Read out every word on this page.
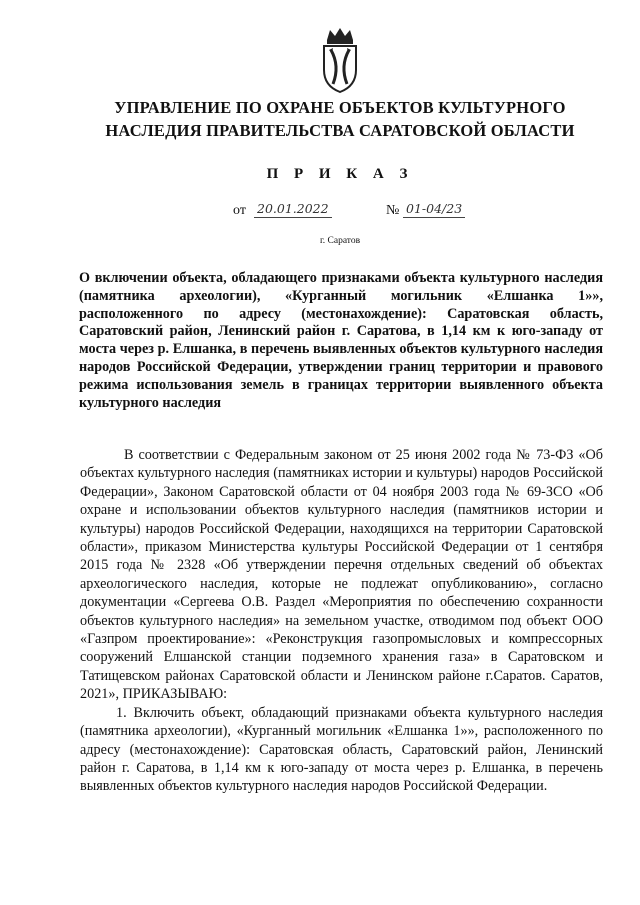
УПРАВЛЕНИЕ ПО ОХРАНЕ ОБЪЕКТОВ КУЛЬТУРНОГО
НАСЛЕДИЯ ПРАВИТЕЛЬСТВА САРАТОВСКОЙ ОБЛАСТИ
П Р И К А З
от 20.01.2022	№ 01-04/23
г. Саратов
О включении объекта, обладающего признаками объекта культурного наследия (памятника археологии), «Курганный могильник «Елшанка 1»», расположенного по адресу (местонахождение): Саратовская область, Саратовский район, Ленинский район г. Саратова, в 1,14 км к юго-западу от моста через р. Елшанка, в перечень выявленных объектов культурного наследия народов Российской Федерации, утверждении границ территории и правового режима использования земель в границах территории выявленного объекта культурного наследия

В соответствии с Федеральным законом от 25 июня 2002 года № 73-ФЗ «Об объектах культурного наследия (памятниках истории и культуры) народов Российской Федерации», Законом Саратовской области от 04 ноября 2003 года № 69-ЗСО «Об охране и использовании объектов культурного наследия (памятников истории и культуры) народов Российской Федерации, находящихся на территории Саратовской области», приказом Министерства культуры Российской Федерации от 1 сентября 2015 года № 2328 «Об утверждении перечня отдельных сведений об объектах археологического наследия, которые не подлежат опубликованию», согласно документации «Сергеева О.В. Раздел «Мероприятия по обеспечению сохранности объектов культурного наследия» на земельном участке, отводимом под объект ООО «Газпром проектирование»: «Реконструкция газопромысловых и компрессорных сооружений Елшанской станции подземного хранения газа» в Саратовском и Татищевском районах Саратовской области и Ленинском районе г.Саратов. Саратов, 2021», ПРИКАЗЫВАЮ:

1. Включить объект, обладающий признаками объекта культурного наследия (памятника археологии), «Курганный могильник «Елшанка 1»», расположенного по адресу (местонахождение): Саратовская область, Саратовский район, Ленинский район г. Саратова, в 1,14 км к юго-западу от моста через р. Елшанка, в перечень выявленных объектов культурного наследия народов Российской Федерации.
